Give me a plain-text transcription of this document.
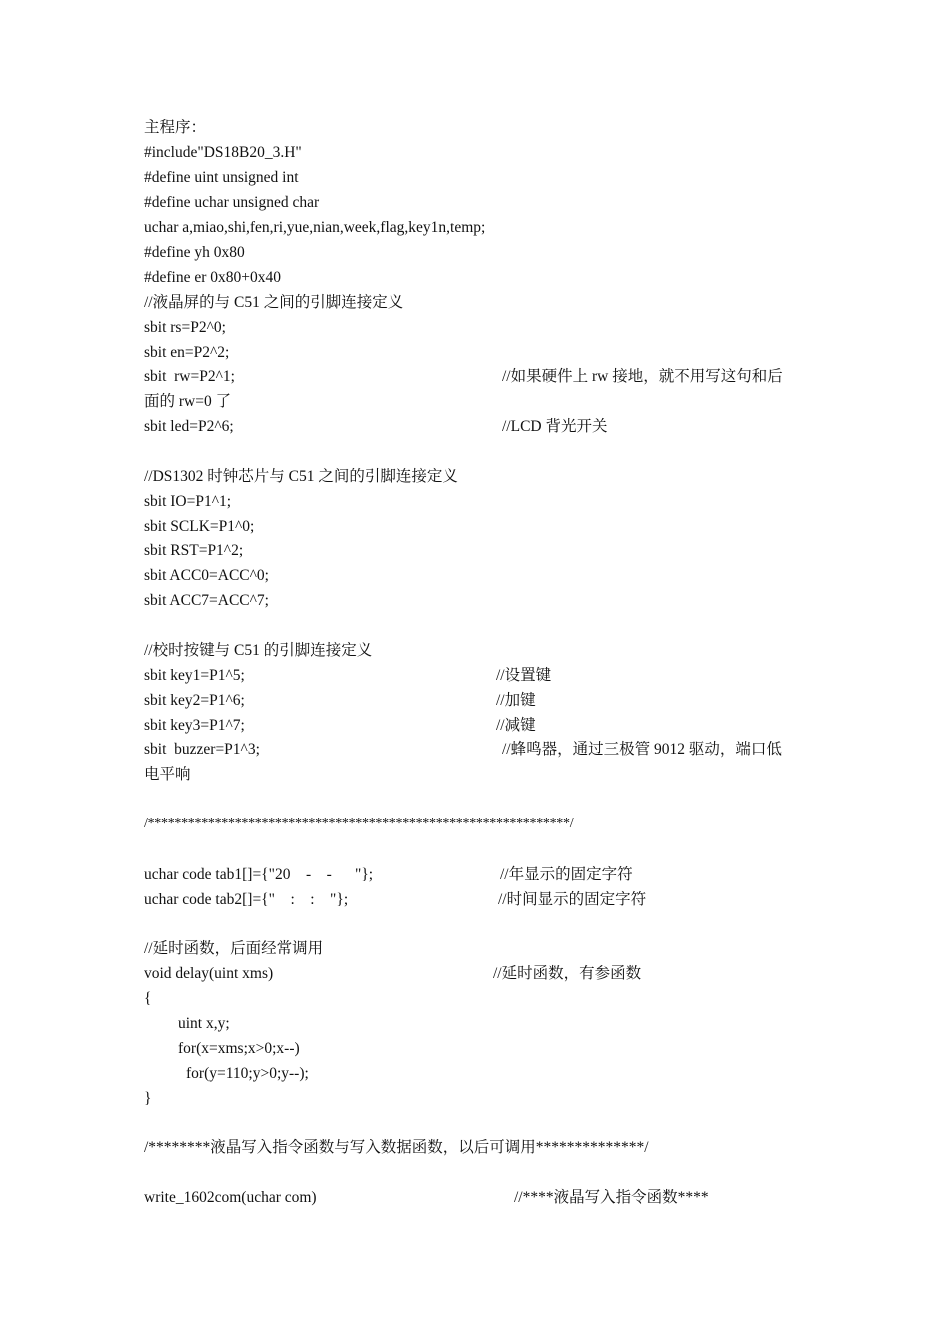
主程序：
#include"DS18B20_3.H"
#define uint unsigned int
#define uchar unsigned char
uchar a,miao,shi,fen,ri,yue,nian,week,flag,key1n,temp;
#define yh 0x80
#define er 0x80+0x40
//液晶屏的与 C51 之间的引脚连接定义
sbit rs=P2^0;
sbit en=P2^2;
sbit  rw=P2^1;	//如果硬件上 rw 接地，就不用写这句和后
面的 rw=0 了
sbit led=P2^6;	//LCD 背光开关
//DS1302 时钟芯片与 C51 之间的引脚连接定义
sbit IO=P1^1;
sbit SCLK=P1^0;
sbit RST=P1^2;
sbit ACC0=ACC^0;
sbit ACC7=ACC^7;
//校时按键与 C51 的引脚连接定义
sbit key1=P1^5;	//设置键
sbit key2=P1^6;	//加键
sbit key3=P1^7;	//减键
sbit  buzzer=P1^3;	//蜂鸣器，通过三极管 9012 驱动，端口低
电平响
/***************************************************************/
uchar code tab1[]={"20    -    -      "};	//年显示的固定字符
uchar code tab2[]={"    :    :    "};	//时间显示的固定字符
//延时函数，后面经常调用
void delay(uint xms)	//延时函数，有参函数
{
uint x,y;
for(x=xms;x>0;x--)
for(y=110;y>0;y--);
}
/********液晶写入指令函数与写入数据函数，以后可调用**************/
write_1602com(uchar com)	//****液晶写入指令函数****
